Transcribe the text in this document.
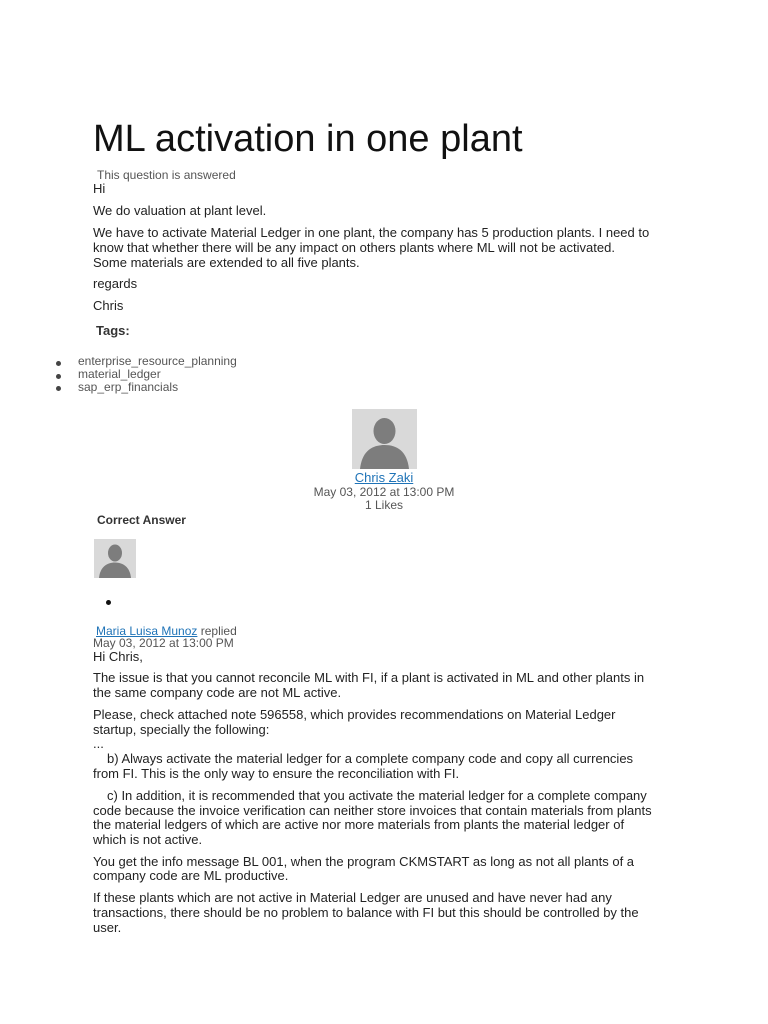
ML activation in one plant
This question is answered
Hi
We do valuation at plant level.
We have to activate Material Ledger in one plant, the company has 5 production plants. I need to
know that whether there will be any impact on others plants where ML will not be activated.
Some materials are extended to all five plants.
regards
Chris
Tags:
enterprise_resource_planning
material_ledger
sap_erp_financials
Chris Zaki
May 03, 2012 at 13:00 PM
1 Likes
Correct Answer
Maria Luisa Munoz replied
May 03, 2012 at 13:00 PM
Hi Chris,
The issue is that you cannot reconcile ML with FI, if a plant is activated in ML and other plants in
the same company code are not ML active.
Please, check attached note 596558, which provides recommendations on Material Ledger
startup, specially the following:
...
b) Always activate the material ledger for a complete company code and copy all currencies
from FI. This is the only way to ensure the reconciliation with FI.
c) In addition, it is recommended that you activate the material ledger for a complete company
code because the invoice verification can neither store invoices that contain materials from plants
the material ledgers of which are active nor more materials from plants the material ledger of
which is not active.
You get the info message BL 001, when the program CKMSTART as long as not all plants of a
company code are ML productive.
If these plants which are not active in Material Ledger are unused and have never had any
transactions, there should be no problem to balance with FI but this should be controlled by the
user.
